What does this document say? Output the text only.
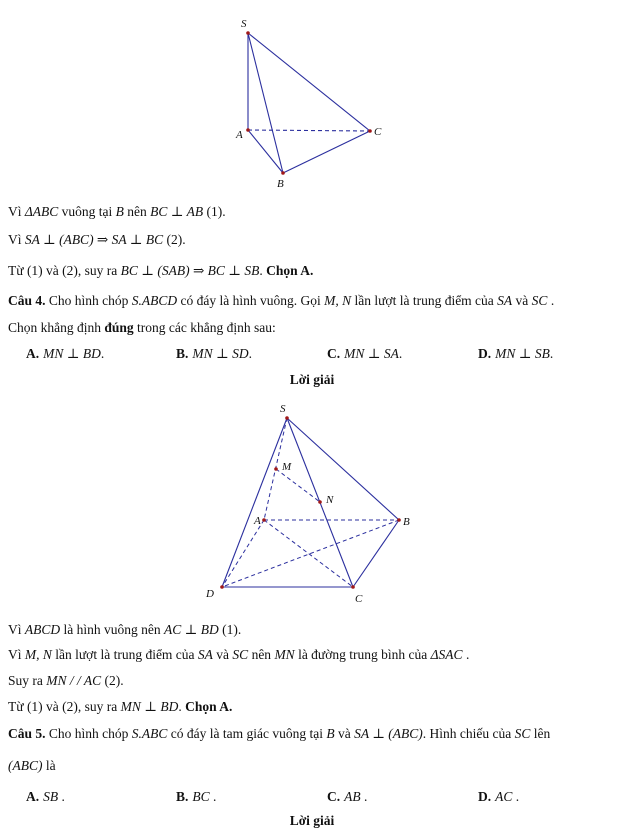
S
A
B
C
S
M
N
A	B
C
D
Vì ΔABC vuông tại B nên BC ⊥ AB (1).
Vì SA ⊥ (ABC) ⇒ SA ⊥ BC (2).
Từ (1) và (2), suy ra BC ⊥ (SAB) ⇒ BC ⊥ SB. Chọn A.
Câu 4. Cho hình chóp S.ABCD có đáy là hình vuông. Gọi M, N lần lượt là trung điểm của SA và SC .
Chọn khẳng định đúng trong các khẳng định sau:
A. MN ⊥ BD.	B. MN ⊥ SD.	C. MN ⊥ SA.	D. MN ⊥ SB.
Lời giải
Vì ABCD là hình vuông nên AC ⊥ BD (1).
Vì M, N lần lượt là trung điểm của SA và SC nên MN là đường trung bình của ΔSAC .
Suy ra MN / / AC (2).
Từ (1) và (2), suy ra MN ⊥ BD. Chọn A.
Câu 5. Cho hình chóp S.ABC có đáy là tam giác vuông tại B và SA ⊥ (ABC). Hình chiếu của SC lên
(ABC) là
A. SB .	B. BC .	C. AB .	D. AC .
Lời giải
